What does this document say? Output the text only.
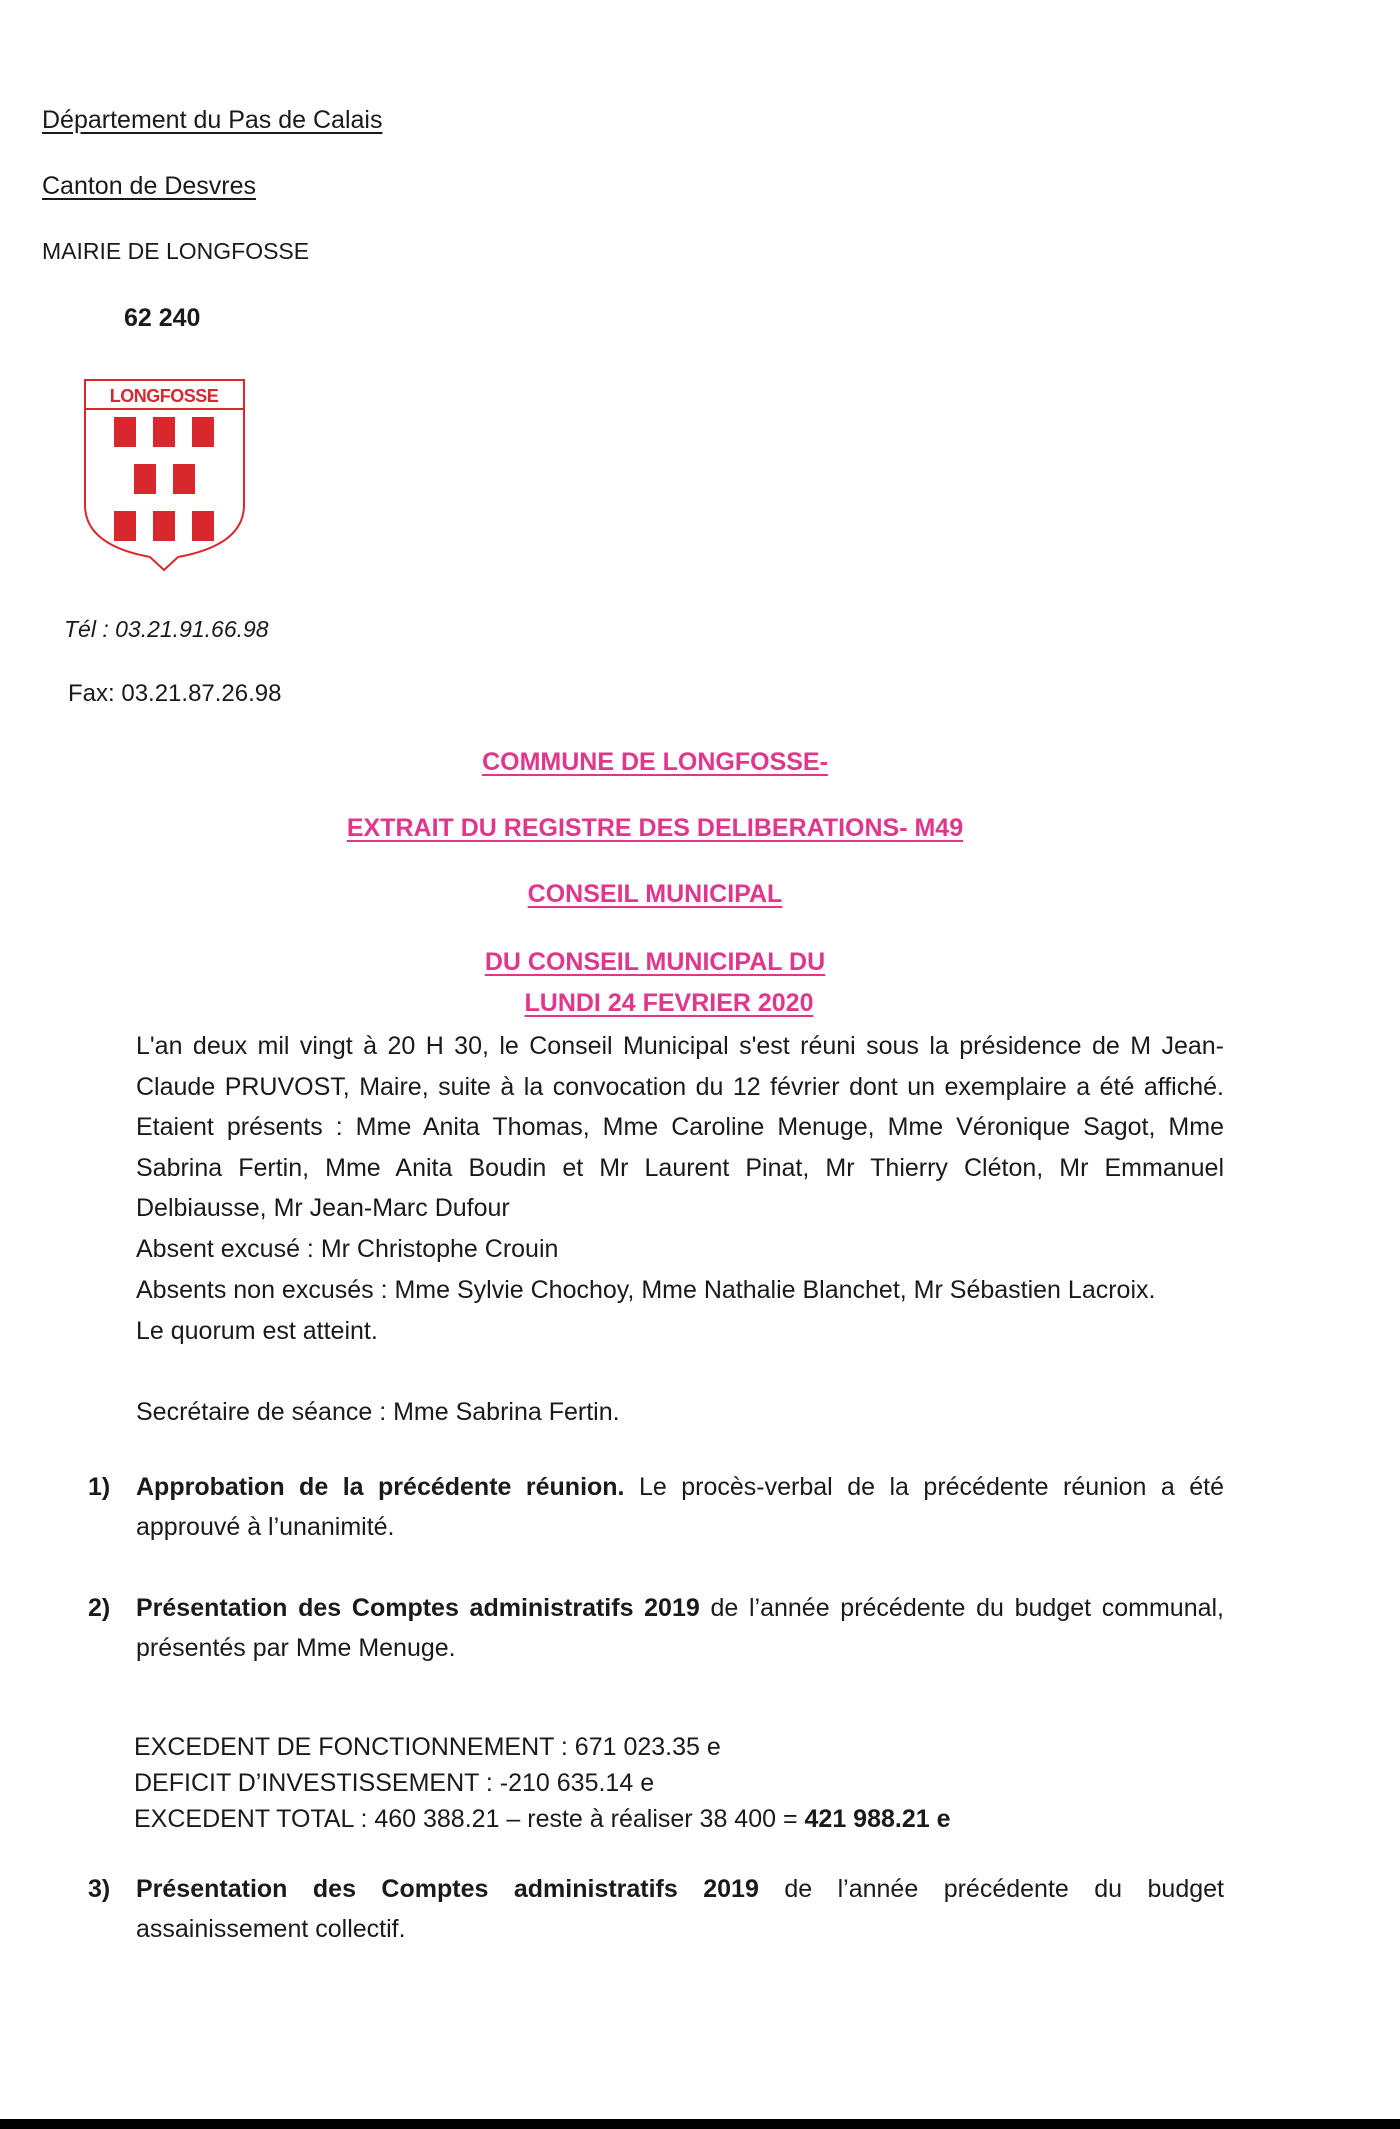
Département du Pas de Calais
Canton de Desvres
MAIRIE DE LONGFOSSE
62 240
LONGFOSSE
Tél : 03.21.91.66.98
Fax: 03.21.87.26.98
COMMUNE DE LONGFOSSE-
EXTRAIT DU REGISTRE DES DELIBERATIONS- M49
CONSEIL MUNICIPAL
DU CONSEIL MUNICIPAL DU
LUNDI 24 FEVRIER 2020
L'an deux mil vingt à 20 H 30, le Conseil Municipal s'est réuni sous la présidence de M Jean-Claude PRUVOST, Maire, suite à la convocation du 12 février dont un exemplaire a été affiché. Etaient présents : Mme Anita Thomas, Mme Caroline Menuge, Mme Véronique Sagot, Mme Sabrina Fertin, Mme Anita Boudin et Mr Laurent Pinat, Mr Thierry Cléton, Mr Emmanuel Delbiausse, Mr Jean-Marc Dufour
Absent excusé : Mr Christophe Crouin
Absents non excusés : Mme Sylvie Chochoy, Mme Nathalie Blanchet, Mr Sébastien Lacroix.
Le quorum est atteint.
Secrétaire de séance : Mme Sabrina Fertin.
1) Approbation de la précédente réunion. Le procès-verbal de la précédente réunion a été approuvé à l’unanimité.
2) Présentation des Comptes administratifs 2019 de l’année précédente du budget communal, présentés par Mme Menuge.
EXCEDENT DE FONCTIONNEMENT : 671 023.35 e
DEFICIT D’INVESTISSEMENT : -210 635.14 e
EXCEDENT TOTAL : 460 388.21 – reste à réaliser 38 400 = 421 988.21 e
3) Présentation des Comptes administratifs 2019 de l’année précédente du budget assainissement collectif.
